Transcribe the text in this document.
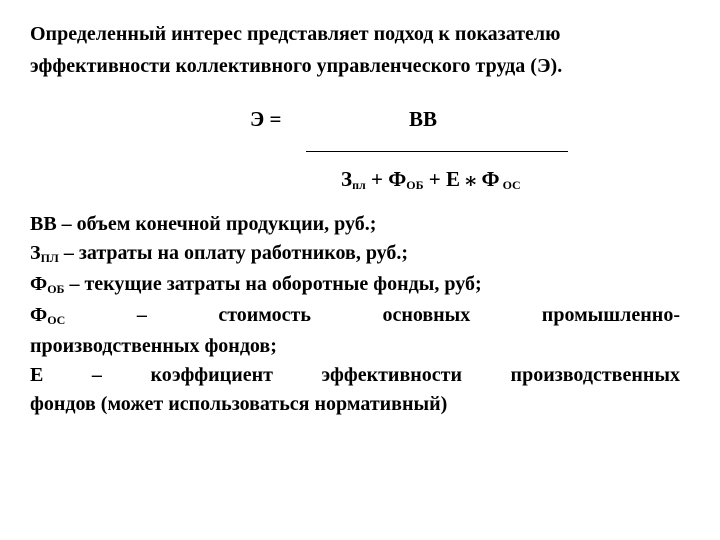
Определенный интерес представляет подход к показателю
эффективности коллективного управленческого труда (Э).

Э =	ВВ
Зпл + ФОБ + Е ⁎ Ф ОС
ВВ – объем конечной продукции, руб.;
ЗПЛ – затраты на оплату работников, руб.;
ФОБ – текущие затраты на оборотные фонды, руб;
ФОС	–	стоимость	основных	промышленно-
производственных фондов;
Е – коэффициент эффективности производственных
фондов (может использоваться нормативный)
